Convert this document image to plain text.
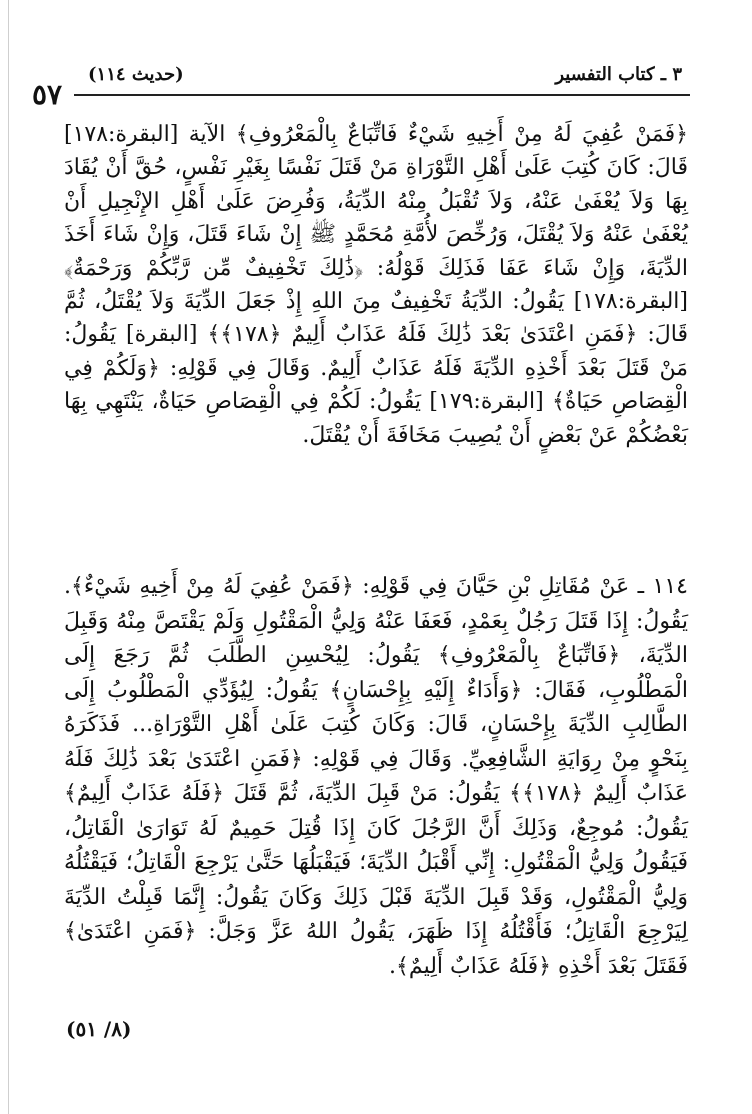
٥٧
٣ ـ كتاب التفسير
(حديث ١١٤)

﴿فَمَنْ عُفِيَ لَهُ مِنْ أَخِيهِ شَيْءٌ فَاتِّبَاعٌ بِالْمَعْرُوفِ﴾ الآية [البقرة:١٧٨] قَالَ: كَانَ كُتِبَ عَلَىٰ أَهْلِ التَّوْرَاةِ مَنْ قَتَلَ نَفْسًا بِغَيْرِ نَفْسٍ، حُقَّ أَنْ يُقَادَ بِهَا وَلاَ يُعْفَىٰ عَنْهُ، وَلاَ تُقْبَلُ مِنْهُ الدِّيَةُ، وَفُرِضَ عَلَىٰ أَهْلِ الإِنْجِيلِ أَنْ يُعْفَىٰ عَنْهُ وَلاَ يُقْتَلَ، وَرُخِّصَ لأُمَّةِ مُحَمَّدٍ ﷺ إِنْ شَاءَ قَتَلَ، وَإِنْ شَاءَ أَخَذَ الدِّيَةَ، وَإِنْ شَاءَ عَفَا فَذَلِكَ قَوْلُهُ: ﴿ذَٰلِكَ تَخْفِيفٌ مِّن رَّبِّكُمْ وَرَحْمَةٌ﴾ [البقرة:١٧٨] يَقُولُ: الدِّيَةُ تَخْفِيفٌ مِنَ اللهِ إِذْ جَعَلَ الدِّيَةَ وَلاَ يُقْتَلُ، ثُمَّ قَالَ: ﴿فَمَنِ اعْتَدَىٰ بَعْدَ ذَٰلِكَ فَلَهُ عَذَابٌ أَلِيمٌ ﴿١٧٨﴾﴾ [البقرة] يَقُولُ: مَنْ قَتَلَ بَعْدَ أَخْذِهِ الدِّيَةَ فَلَهُ عَذَابٌ أَلِيمٌ. وَقَالَ فِي قَوْلِهِ: ﴿وَلَكُمْ فِي الْقِصَاصِ حَيَاةٌ﴾ [البقرة:١٧٩] يَقُولُ: لَكُمْ فِي الْقِصَاصِ حَيَاةٌ، يَنْتَهِي بِهَا بَعْضُكُمْ عَنْ بَعْضٍ أَنْ يُصِيبَ مَخَافَةَ أَنْ يُقْتَلَ.

١١٤ ـ عَنْ مُقَاتِلِ بْنِ حَيَّانَ فِي قَوْلِهِ: ﴿فَمَنْ عُفِيَ لَهُ مِنْ أَخِيهِ شَيْءٌ﴾. يَقُولُ: إِذَا قَتَلَ رَجُلٌ بِعَمْدٍ، فَعَفَا عَنْهُ وَلِيُّ الْمَقْتُولِ وَلَمْ يَقْتَصَّ مِنْهُ وَقَبِلَ الدِّيَةَ، ﴿فَاتِّبَاعٌ بِالْمَعْرُوفِ﴾ يَقُولُ: لِيُحْسِنِ الطَّلَبَ ثُمَّ رَجَعَ إِلَى الْمَطْلُوبِ، فَقَالَ: ﴿وَأَدَاءٌ إِلَيْهِ بِإِحْسَانٍ﴾ يَقُولُ: لِيُؤَدِّي الْمَطْلُوبُ إِلَى الطَّالِبِ الدِّيَةَ بِإِحْسَانٍ، قَالَ: وَكَانَ كُتِبَ عَلَىٰ أَهْلِ التَّوْرَاةِ... فَذَكَرَهُ بِنَحْوٍ مِنْ رِوَايَةِ الشَّافِعِيِّ. وَقَالَ فِي قَوْلِهِ: ﴿فَمَنِ اعْتَدَىٰ بَعْدَ ذَٰلِكَ فَلَهُ عَذَابٌ أَلِيمٌ ﴿١٧٨﴾﴾ يَقُولُ: مَنْ قَبِلَ الدِّيَةَ، ثُمَّ قَتَلَ ﴿فَلَهُ عَذَابٌ أَلِيمٌ﴾ يَقُولُ: مُوجِعٌ، وَذَلِكَ أَنَّ الرَّجُلَ كَانَ إِذَا قُتِلَ حَمِيمٌ لَهُ تَوَارَىٰ الْقَاتِلُ، فَيَقُولُ وَلِيُّ الْمَقْتُولِ: إِنِّي أَقْبَلُ الدِّيَةَ؛ فَيَقْبَلُهَا حَتَّىٰ يَرْجِعَ الْقَاتِلُ؛ فَيَقْتُلُهُ وَلِيُّ الْمَقْتُولِ، وَقَدْ قَبِلَ الدِّيَةَ قَبْلَ ذَلِكَ وَكَانَ يَقُولُ: إِنَّمَا قَبِلْتُ الدِّيَةَ لِيَرْجِعَ الْقَاتِلُ؛ فَأَقْتُلُهُ إِذَا ظَهَرَ، يَقُولُ اللهُ عَزَّ وَجَلَّ: ﴿فَمَنِ اعْتَدَىٰ﴾ فَقَتَلَ بَعْدَ أَخْذِهِ ﴿فَلَهُ عَذَابٌ أَلِيمٌ﴾.

(٨/ ٥١)
